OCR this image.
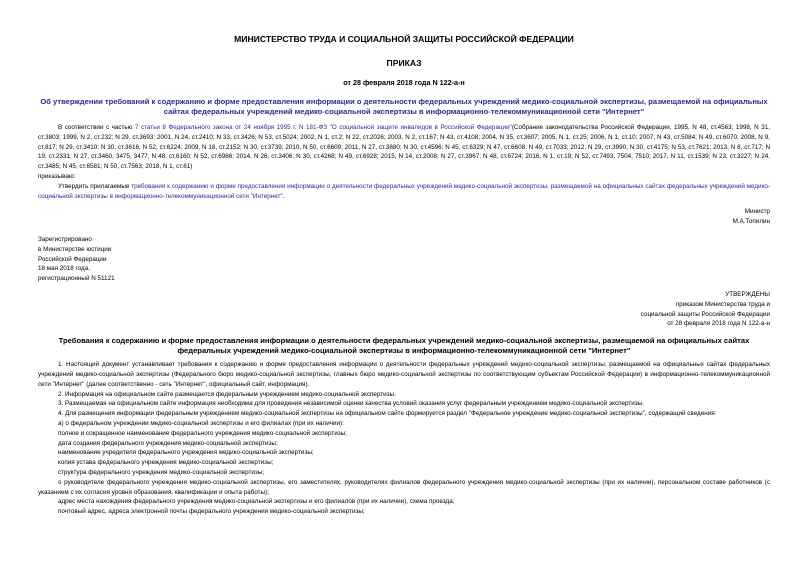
МИНИСТЕРСТВО ТРУДА И СОЦИАЛЬНОЙ ЗАЩИТЫ РОССИЙСКОЙ ФЕДЕРАЦИИ
ПРИКАЗ
от 28 февраля 2018 года N 122-а-н
Об утверждении требований к содержанию и форме предоставления информации о деятельности федеральных учреждений медико-социальной экспертизы, размещаемой на официальных сайтах федеральных учреждений медико-социальной экспертизы в информационно-телекоммуникационной сети "Интернет"
В соответствии с частью 7 статьи 8 Федерального закона от 24 ноября 1995 г. N 181-ФЗ "О социальной защите инвалидов в Российской Федерации"(Собрание законодательства Российской Федерации, 1995, N 48, ст.4563; 1998, N 31, ст.3803; 1999, N 2, ст.232; N 29, ст.3693; 2001, N 24, ст.2410; N 33, ст.3426; N 53, ст.5024; 2002, N 1, ст.2; N 22, ст.2026; 2003, N 2, ст.167; N 43, ст.4108; 2004, N 35, ст.3607; 2005, N 1, ст.25; 2006, N 1, ст.10; 2007, N 43, ст.5084; N 49, ст.6070; 2008, N 9, ст.817; N 29, ст.3410; N 30, ст.3616; N 52, ст.6224; 2009, N 18, ст.2152; N 30, ст.3739; 2010, N 50, ст.6609; 2011, N 27, ст.3880; N 30, ст.4596; N 45, ст.6329; N 47, ст.6608; N 49, ст.7033; 2012, N 29, ст.3990; N 30, ст.4175; N 53, ст.7621; 2013, N 8, ст.717; N 19, ст.2331; N 27, ст.3460, 3475, 3477; N 48, ст.6160; N 52, ст.6986; 2014, N 26, ст.3406; N 30, ст.4268; N 49, ст.6928; 2015, N 14, ст.2008; N 27, ст.3967; N 48, ст.6724; 2016, N 1, ст.19; N 52, ст.7493, 7504, 7510; 2017, N 11, ст.1539; N 23, ст.3227; N 24, ст.3485; N 45, ст.6581; N 50, ст.7563; 2018, N 1, ст.61)
приказываю:
Утвердить прилагаемые требования к содержанию и форме предоставления информации о деятельности федеральных учреждений медико-социальной экспертизы, размещаемой на официальных сайтах федеральных учреждений медико-социальной экспертизы в информационно-телекоммуникационной сети "Интернет".
Министр
М.А.Топилин
Зарегистрировано
в Министерстве юстиции
Российской Федерации
18 мая 2018 года,
регистрационный N 51121
УТВЕРЖДЕНЫ
приказом Министерства труда и
социальной защиты Российской Федерации
от 28 февраля 2018 года N 122-а-н
Требования к содержанию и форме предоставления информации о деятельности федеральных учреждений медико-социальной экспертизы, размещаемой на официальных сайтах федеральных учреждений медико-социальной экспертизы в информационно-телекоммуникационной сети "Интернет"
1. Настоящий документ устанавливает требования к содержанию и форме предоставления информации о деятельности федеральных учреждений медико-социальной экспертизы, размещаемой на официальных сайтах федеральных учреждений медико-социальной экспертизы (Федерального бюро медико-социальной экспертизы, главных бюро медико-социальной экспертизы по соответствующим субъектам Российской Федерации) в информационно-телекоммуникационной сети "Интернет" (далее соответственно - сеть "Интернет", официальный сайт, информация).
2. Информация на официальном сайте размещается федеральным учреждением медико-социальной экспертизы.
3. Размещаемая на официальном сайте информация необходима для проведения независимой оценки качества условий оказания услуг федеральным учреждением медико-социальной экспертизы.
4. Для размещения информации федеральным учреждением медико-социальной экспертизы на официальном сайте формируется раздел "Федеральное учреждение медико-социальной экспертизы", содержащий сведения:
а) о федеральном учреждении медико-социальной экспертизы и его филиалах (при их наличии):
полное и сокращенное наименование федерального учреждения медико-социальной экспертизы;
дата создания федерального учреждения медико-социальной экспертизы;
наименование учредителя федерального учреждения медико-социальной экспертизы;
копия устава федерального учреждения медико-социальной экспертизы;
структура федерального учреждения медико-социальной экспертизы;
о руководителе федерального учреждения медико-социальной экспертизы, его заместителях, руководителях филиалов федерального учреждения медико-социальной экспертизы (при их наличии), персональном составе работников (с указанием с их согласия уровня образования, квалификации и опыта работы);
адрес места нахождения федерального учреждения медико-социальной экспертизы и его филиалов (при их наличии), схема проезда;
почтовый адрес, адреса электронной почты федерального учреждения медико-социальной экспертизы;
